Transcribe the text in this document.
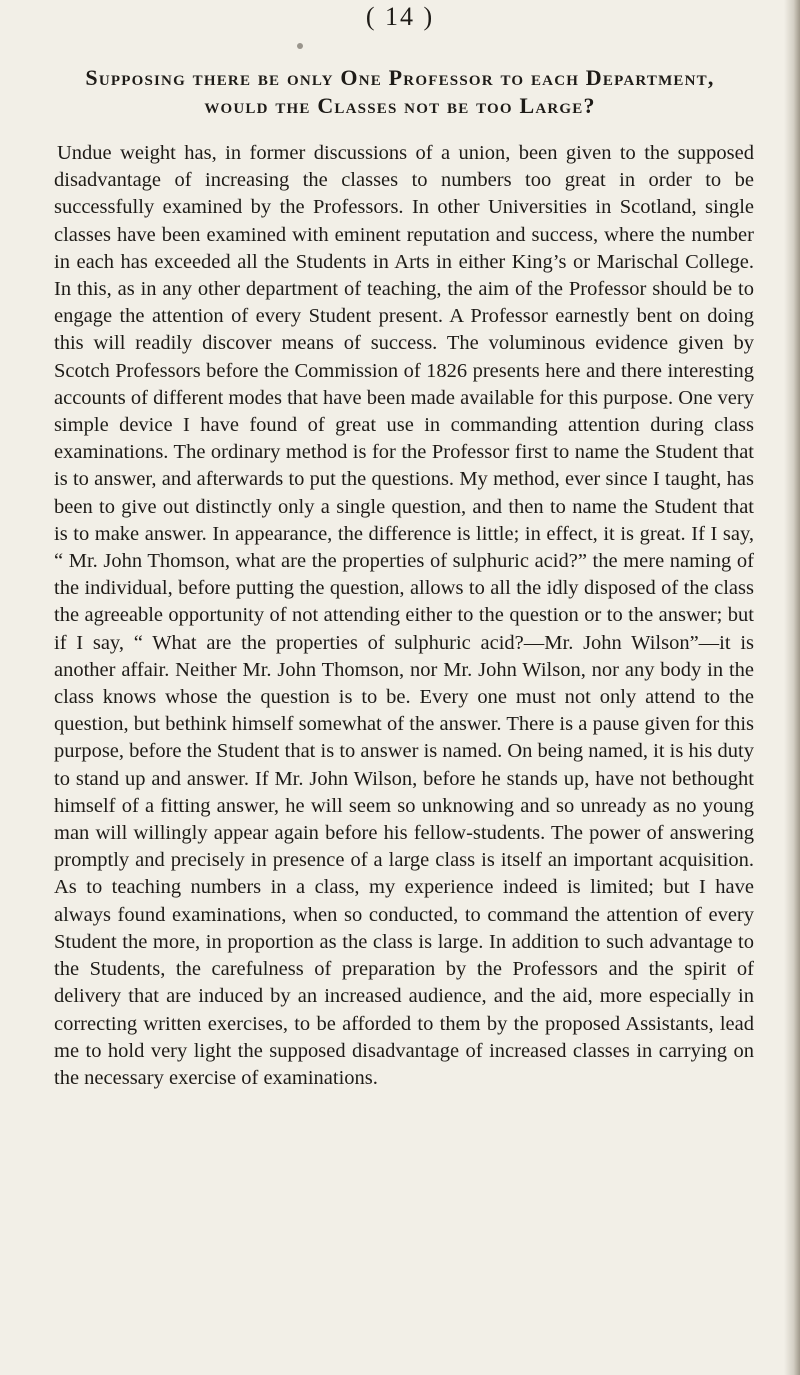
( 14 )
Supposing there be only One Professor to each Department,
would the Classes not be too Large?

Undue weight has, in former discussions of a union, been given to the supposed disadvantage of increasing the classes to numbers too great in order to be successfully examined by the Professors. In other Universities in Scotland, single classes have been examined with eminent reputation and success, where the number in each has exceeded all the Students in Arts in either King’s or Marischal College. In this, as in any other department of teaching, the aim of the Professor should be to engage the attention of every Student present. A Professor earnestly bent on doing this will readily discover means of success. The voluminous evidence given by Scotch Professors before the Commission of 1826 presents here and there interesting accounts of different modes that have been made available for this purpose. One very simple device I have found of great use in commanding attention during class examinations. The ordinary method is for the Professor first to name the Student that is to answer, and afterwards to put the questions. My method, ever since I taught, has been to give out distinctly only a single question, and then to name the Student that is to make answer. In appearance, the difference is little; in effect, it is great. If I say, “ Mr. John Thomson, what are the properties of sulphuric acid?” the mere naming of the individual, before putting the question, allows to all the idly disposed of the class the agreeable opportunity of not attending either to the question or to the answer; but if I say, “ What are the properties of sulphuric acid?—Mr. John Wilson”—it is another affair. Neither Mr. John Thomson, nor Mr. John Wilson, nor any body in the class knows whose the question is to be. Every one must not only attend to the question, but bethink himself somewhat of the answer. There is a pause given for this purpose, before the Student that is to answer is named. On being named, it is his duty to stand up and answer. If Mr. John Wilson, before he stands up, have not bethought himself of a fitting answer, he will seem so unknowing and so unready as no young man will willingly appear again before his fellow-students. The power of answering promptly and precisely in presence of a large class is itself an important acquisition. As to teaching numbers in a class, my experience indeed is limited; but I have always found examinations, when so conducted, to command the attention of every Student the more, in proportion as the class is large. In addition to such advantage to the Students, the carefulness of preparation by the Professors and the spirit of delivery that are induced by an increased audience, and the aid, more especially in correcting written exercises, to be afforded to them by the proposed Assistants, lead me to hold very light the supposed disadvantage of increased classes in carrying on the necessary exercise of examinations.
